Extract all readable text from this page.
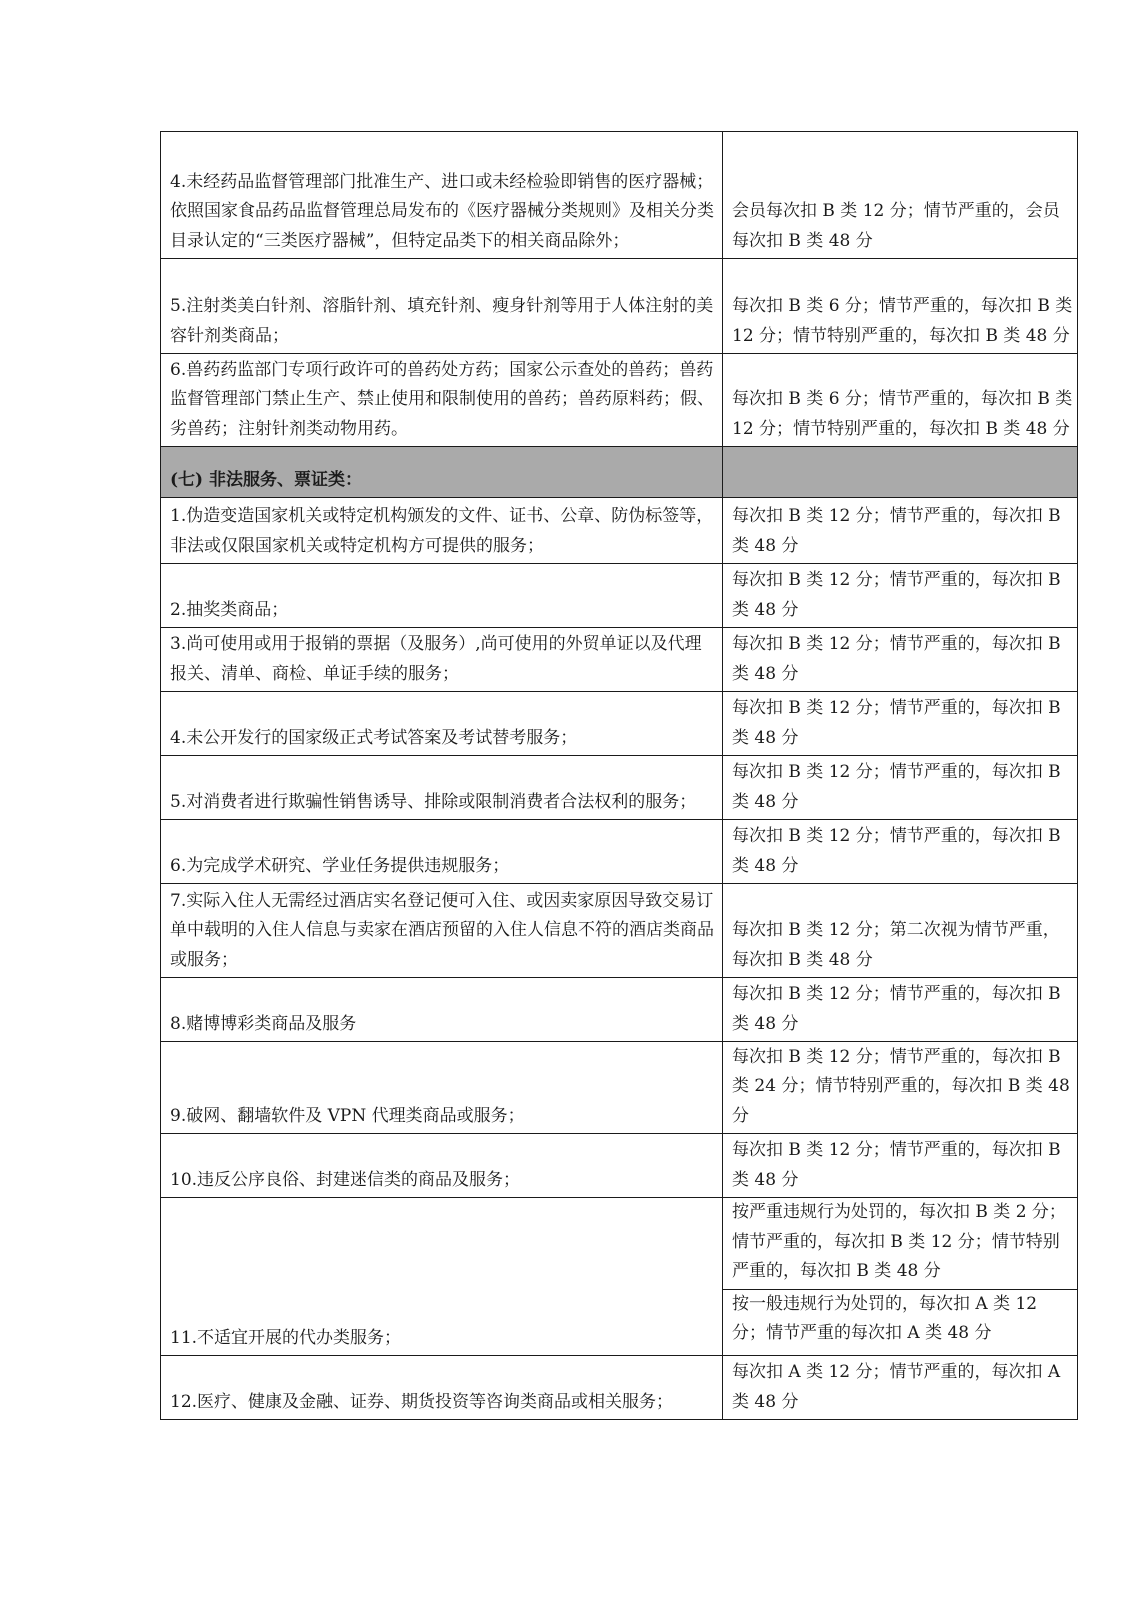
4.未经药品监督管理部门批准生产、进口或未经检验即销售的医疗器械；依照国家食品药品监督管理总局发布的《医疗器械分类规则》及相关分类目录认定的“三类医疗器械”，但特定品类下的相关商品除外；	会员每次扣 B 类 12 分；情节严重的，会员每次扣 B 类 48 分
5.注射类美白针剂、溶脂针剂、填充针剂、瘦身针剂等用于人体注射的美容针剂类商品；	每次扣 B 类 6 分；情节严重的，每次扣 B 类 12 分；情节特别严重的，每次扣 B 类 48 分
6.兽药药监部门专项行政许可的兽药处方药；国家公示查处的兽药；兽药监督管理部门禁止生产、禁止使用和限制使用的兽药；兽药原料药；假、劣兽药；注射针剂类动物用药。	每次扣 B 类 6 分；情节严重的，每次扣 B 类 12 分；情节特别严重的，每次扣 B 类 48 分
(七) 非法服务、票证类：	
1.伪造变造国家机关或特定机构颁发的文件、证书、公章、防伪标签等，非法或仅限国家机关或特定机构方可提供的服务；	每次扣 B 类 12 分；情节严重的，每次扣 B 类 48 分
2.抽奖类商品；	每次扣 B 类 12 分；情节严重的，每次扣 B 类 48 分
3.尚可使用或用于报销的票据（及服务）,尚可使用的外贸单证以及代理报关、清单、商检、单证手续的服务；	每次扣 B 类 12 分；情节严重的，每次扣 B 类 48 分
4.未公开发行的国家级正式考试答案及考试替考服务；	每次扣 B 类 12 分；情节严重的，每次扣 B 类 48 分
5.对消费者进行欺骗性销售诱导、排除或限制消费者合法权利的服务；	每次扣 B 类 12 分；情节严重的，每次扣 B 类 48 分
6.为完成学术研究、学业任务提供违规服务；	每次扣 B 类 12 分；情节严重的，每次扣 B 类 48 分
7.实际入住人无需经过酒店实名登记便可入住、或因卖家原因导致交易订单中载明的入住人信息与卖家在酒店预留的入住人信息不符的酒店类商品或服务；	每次扣 B 类 12 分；第二次视为情节严重，每次扣 B 类 48 分
8.赌博博彩类商品及服务	每次扣 B 类 12 分；情节严重的，每次扣 B 类 48 分
9.破网、翻墙软件及 VPN 代理类商品或服务；	每次扣 B 类 12 分；情节严重的，每次扣 B 类 24 分；情节特别严重的，每次扣 B 类 48 分
10.违反公序良俗、封建迷信类的商品及服务；	每次扣 B 类 12 分；情节严重的，每次扣 B 类 48 分
11.不适宜开展的代办类服务；	按严重违规行为处罚的，每次扣 B 类 2 分；情节严重的，每次扣 B 类 12 分；情节特别严重的，每次扣 B 类 48 分
按一般违规行为处罚的，每次扣 A 类 12 分；情节严重的每次扣 A 类 48 分

12.医疗、健康及金融、证券、期货投资等咨询类商品或相关服务；	每次扣 A 类 12 分；情节严重的，每次扣 A 类 48 分
